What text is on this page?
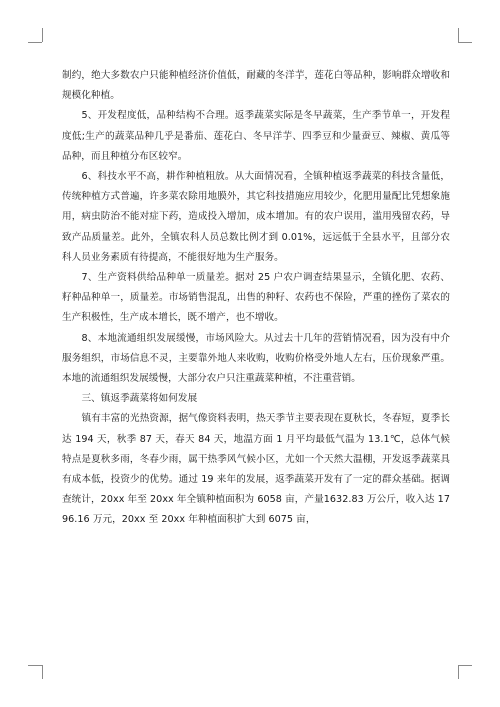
制约，绝大多数农户只能种植经济价值低，耐藏的冬洋芋，莲花白等品种，影响群众增收和规模化种植。

5、开发程度低，品种结构不合理。返季蔬菜实际是冬早蔬菜，生产季节单一，开发程度低;生产的蔬菜品种几乎是番茄、莲花白、冬早洋芋、四季豆和少量蚕豆、辣椒、黄瓜等品种，而且种植分布区较窄。

6、科技水平不高，耕作种植粗放。从大面情况看，全镇种植返季蔬菜的科技含量低，传统种植方式普遍，许多菜农除用地膜外，其它科技措施应用较少，化肥用量配比凭想象施用，病虫防治不能对症下药，造成投入增加，成本增加。有的农户误用，滥用残留农药，导致产品质量差。此外，全镇农科人员总数比例才到 0.01%，远远低于全县水平，且部分农科人员业务素质有待提高，不能很好地为生产服务。

7、生产资料供给品种单一质量差。据对 25 户农户调查结果显示，全镇化肥、农药、籽种品种单一，质量差。市场销售混乱，出售的种籽、农药也不保险，严重的挫伤了菜农的生产积极性，生产成本增长，既不增产，也不增收。

8、本地流通组织发展缓慢，市场风险大。从过去十几年的营销情况看，因为没有中介服务组织，市场信息不灵，主要靠外地人来收购，收购价格受外地人左右，压价现象严重。本地的流通组织发展缓慢，大部分农户只注重蔬菜种植，不注重营销。

三、镇返季蔬菜将如何发展

镇有丰富的光热资源，据气像资料表明，热天季节主要表现在夏秋长，冬春短，夏季长达 194 天，秋季 87 天，春天 84 天，地温方面 1 月平均最低气温为 13.1℃，总体气候特点是夏秋多雨，冬春少雨，属干热季风气候小区，尤如一个天然大温棚，开发返季蔬菜具有成本低，投资少的优势。通过 19 来年的发展，返季蔬菜开发有了一定的群众基础。据调查统计，20xx 年至 20xx 年全镇种植面积为 6058 亩，产量1632.83 万公斤，收入达 1796.16 万元，20xx 至 20xx 年种植面积扩大到 6075 亩，
